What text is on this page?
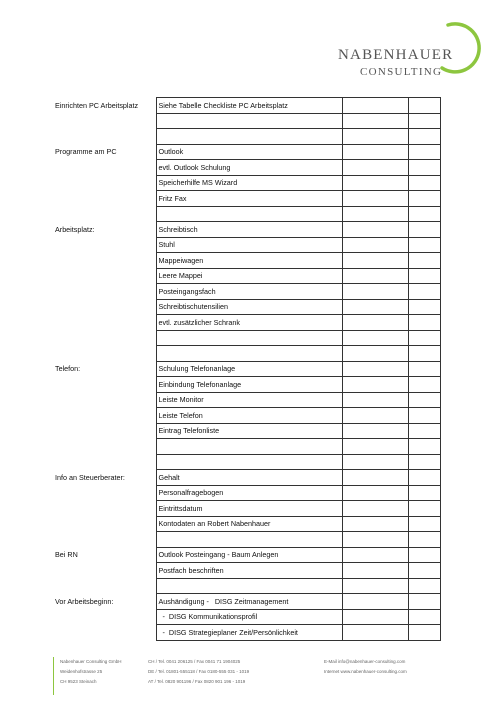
NABENHAUER
CONSULTING
Einrichten PC Arbeitsplatz	Siehe Tabelle Checkliste PC Arbeitsplatz		

Programme am PC	Outlook		
	evtl. Outlook Schulung		
	Speicherhilfe MS Wizard		
	Fritz Fax		

Arbeitsplatz:	Schreibtisch		
	Stuhl		
	Mappeiwagen		
	Leere Mappei		
	Posteingangsfach		
	Schreibtischutensilien		
	evtl. zusätzlicher Schrank		

Telefon:	Schulung Telefonanlage		
	Einbindung Telefonanlage		
	Leiste Monitor		
	Leiste Telefon		
	Eintrag Telefonliste		

Info an Steuerberater:	Gehalt		
	Personalfragebogen		
	Eintrittsdatum		
	Kontodaten an Robert Nabenhauer		

Bei RN	Outlook Posteingang - Baum Anlegen		
	Postfach beschriften		

Vor Arbeitsbeginn:	Aushändigung -   DISG Zeitmanagement		
	-  DISG Kommunikationsprofil		
	-  DISG Strategieplaner Zeit/Persönlichkeit		
Nabenhauer Consulting GmbH
Weidenhofstrasse 25
CH 9523 Steinach
CH / Tel. 0041 206125 / Fax 0041 71 1904025
DE / Tel. 01801-555118 / Fax 0180-555 031 - 1019
AT / Tel. 0820 901196 / Fax 0820 901 196 - 1019
E-Mail info@nabenhauer-consulting.com
Internet www.nabenhauer-consulting.com
